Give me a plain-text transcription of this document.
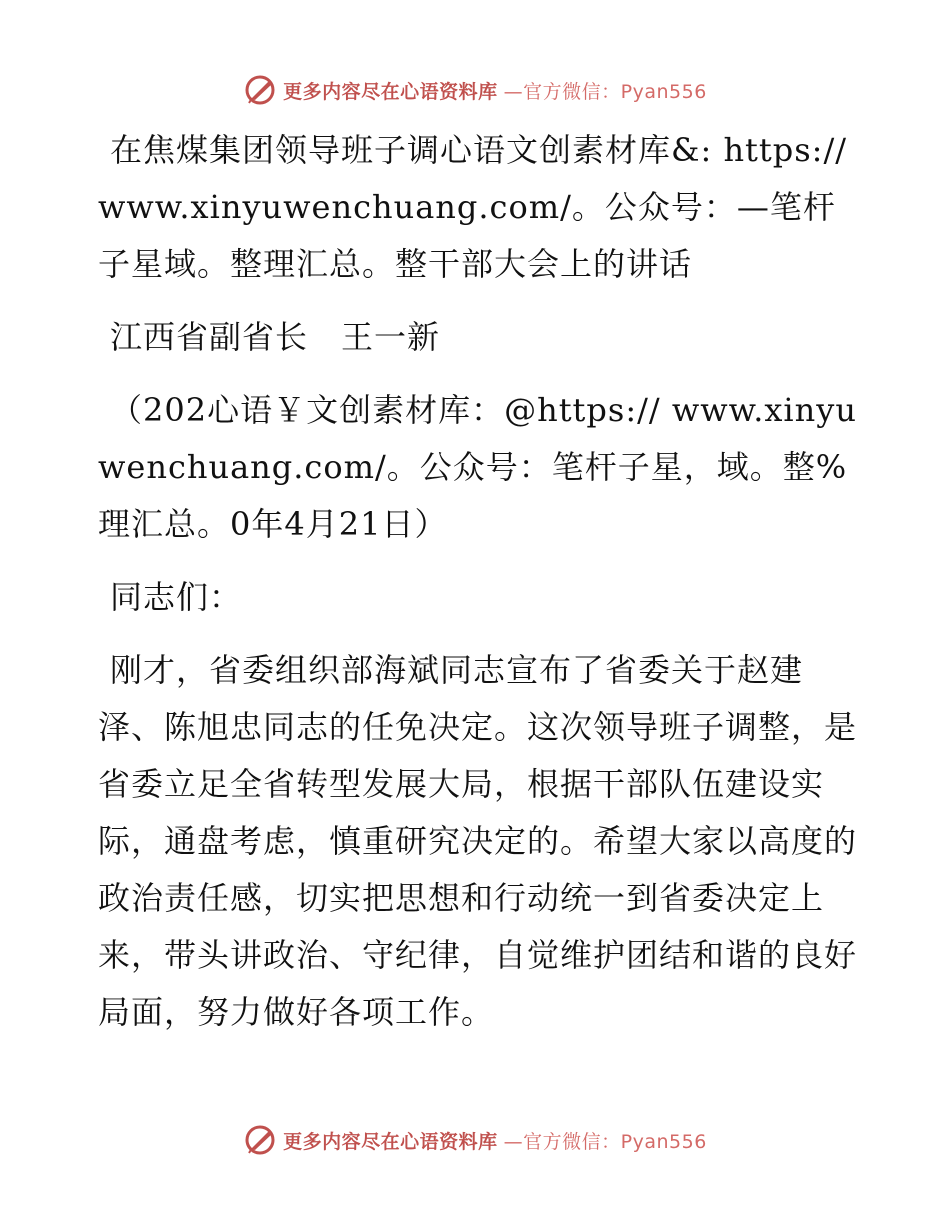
更多内容尽在心语资料库 —官方微信：Pyan556

在焦煤集团领导班子调心语文创素材库&: https://www.xinyuwenchuang.com/。公众号：—笔杆子星域。整理汇总。整干部大会上的讲话

江西省副省长　王一新

（202心语￥文创素材库：@https:// www.xinyuwenchuang.com/。公众号：笔杆子星，域。整%理汇总。0年4月21日）

同志们：

刚才，省委组织部海斌同志宣布了省委关于赵建泽、陈旭忠同志的任免决定。这次领导班子调整，是省委立足全省转型发展大局，根据干部队伍建设实际，通盘考虑，慎重研究决定的。希望大家以高度的政治责任感，切实把思想和行动统一到省委决定上来，带头讲政治、守纪律，自觉维护团结和谐的良好局面，努力做好各项工作。

更多内容尽在心语资料库 —官方微信：Pyan556
